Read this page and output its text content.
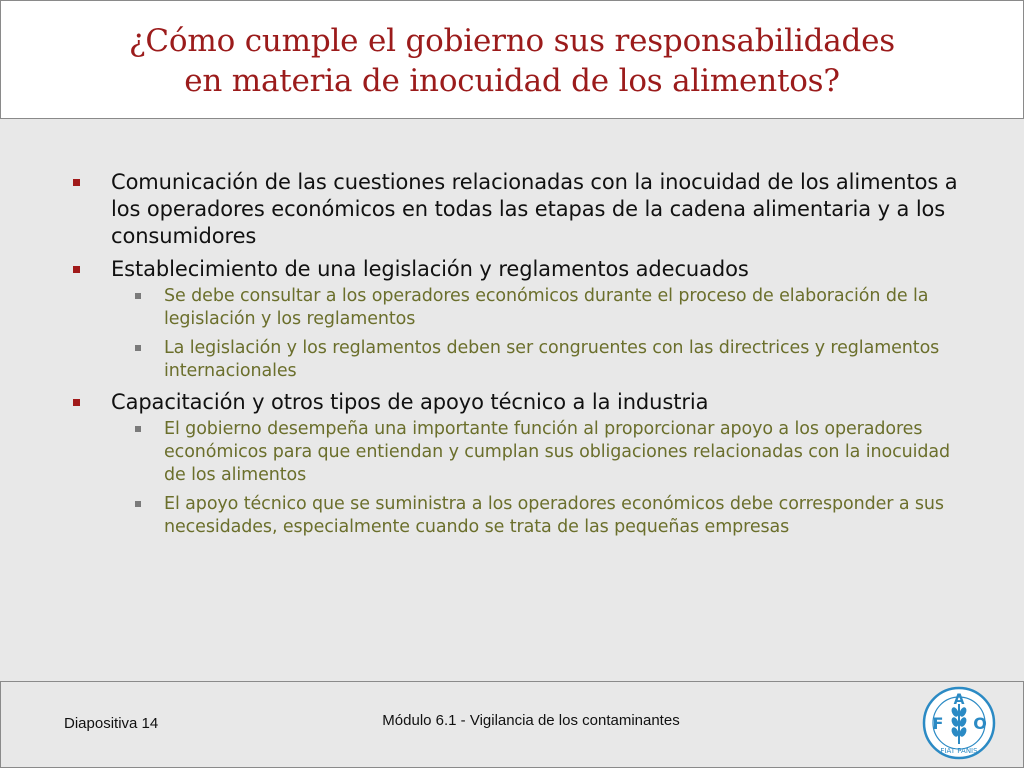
¿Cómo cumple el gobierno sus responsabilidades
en materia de inocuidad de los alimentos?
Comunicación de las cuestiones relacionadas con la inocuidad de los alimentos a los operadores económicos en todas las etapas de la cadena alimentaria y a los consumidores
Establecimiento de una legislación y reglamentos adecuados
Se debe consultar a los operadores económicos durante el proceso de elaboración de la legislación y los reglamentos
La legislación y los reglamentos deben ser congruentes con las directrices y reglamentos internacionales
Capacitación y otros tipos de apoyo técnico a la industria
El gobierno desempeña una importante función al proporcionar apoyo a los operadores económicos para que entiendan y cumplan sus obligaciones relacionadas con la inocuidad de los alimentos
El apoyo técnico que se suministra a los operadores económicos debe corresponder a sus necesidades, especialmente cuando se trata de las pequeñas empresas
Diapositiva 14	Módulo 6.1 - Vigilancia de los contaminantes	F
A
O
FIAT PANIS
